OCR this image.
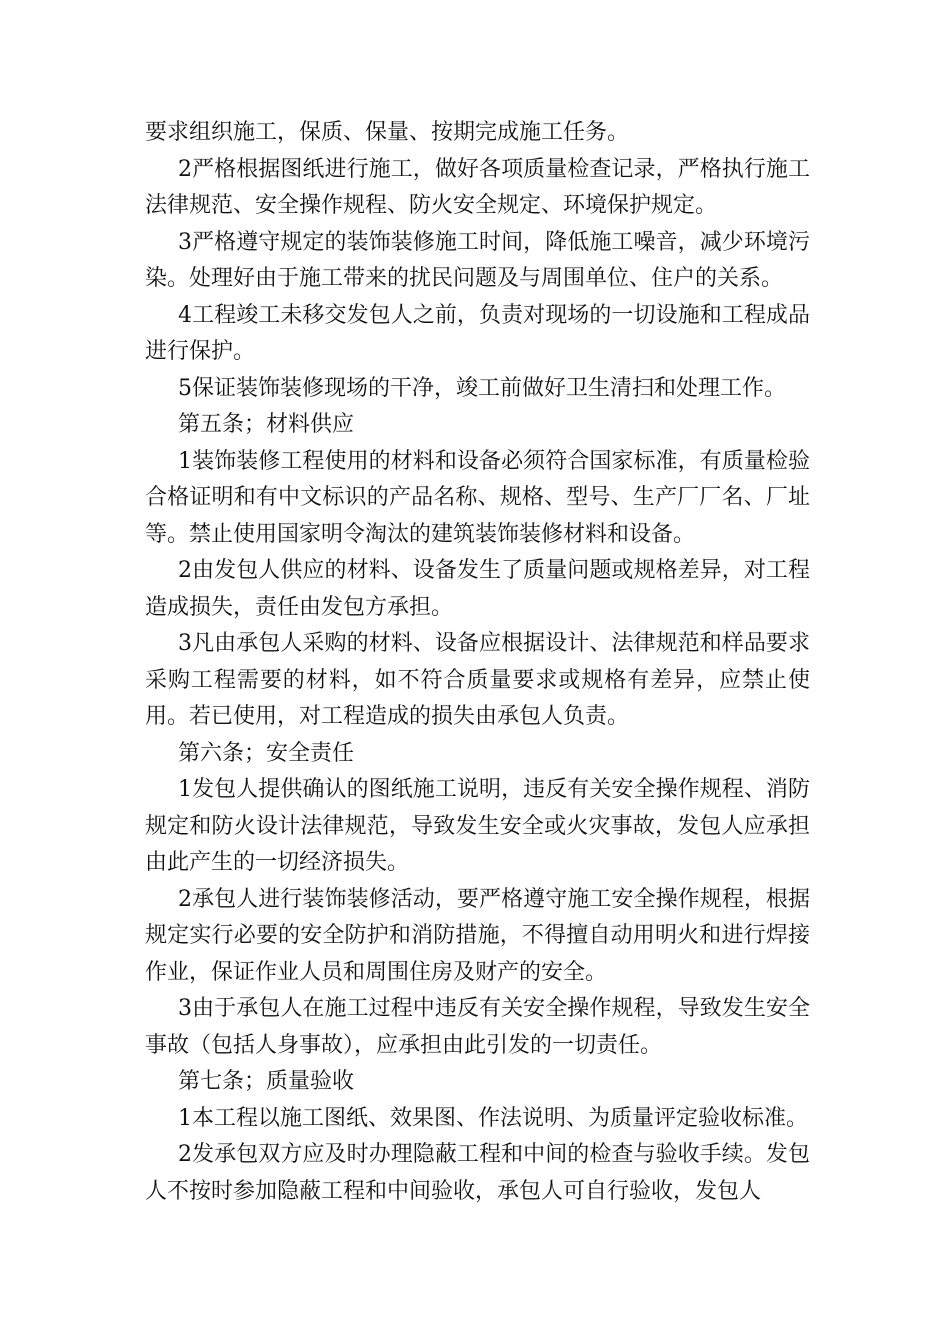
要求组织施工，保质、保量、按期完成施工任务。

2严格根据图纸进行施工，做好各项质量检查记录，严格执行施工法律规范、安全操作规程、防火安全规定、环境保护规定。

3严格遵守规定的装饰装修施工时间，降低施工噪音，减少环境污染。处理好由于施工带来的扰民问题及与周围单位、住户的关系。

4工程竣工未移交发包人之前，负责对现场的一切设施和工程成品进行保护。

5保证装饰装修现场的干净，竣工前做好卫生清扫和处理工作。

第五条；材料供应

1装饰装修工程使用的材料和设备必须符合国家标准，有质量检验合格证明和有中文标识的产品名称、规格、型号、生产厂厂名、厂址等。禁止使用国家明令淘汰的建筑装饰装修材料和设备。

2由发包人供应的材料、设备发生了质量问题或规格差异，对工程造成损失，责任由发包方承担。

3凡由承包人采购的材料、设备应根据设计、法律规范和样品要求采购工程需要的材料，如不符合质量要求或规格有差异，应禁止使用。若已使用，对工程造成的损失由承包人负责。

第六条；安全责任

1发包人提供确认的图纸施工说明，违反有关安全操作规程、消防规定和防火设计法律规范，导致发生安全或火灾事故，发包人应承担由此产生的一切经济损失。

2承包人进行装饰装修活动，要严格遵守施工安全操作规程，根据规定实行必要的安全防护和消防措施，不得擅自动用明火和进行焊接作业，保证作业人员和周围住房及财产的安全。

3由于承包人在施工过程中违反有关安全操作规程，导致发生安全事故（包括人身事故），应承担由此引发的一切责任。

第七条；质量验收

1本工程以施工图纸、效果图、作法说明、为质量评定验收标准。

2发承包双方应及时办理隐蔽工程和中间的检查与验收手续。发包人不按时参加隐蔽工程和中间验收，承包人可自行验收，发包人
